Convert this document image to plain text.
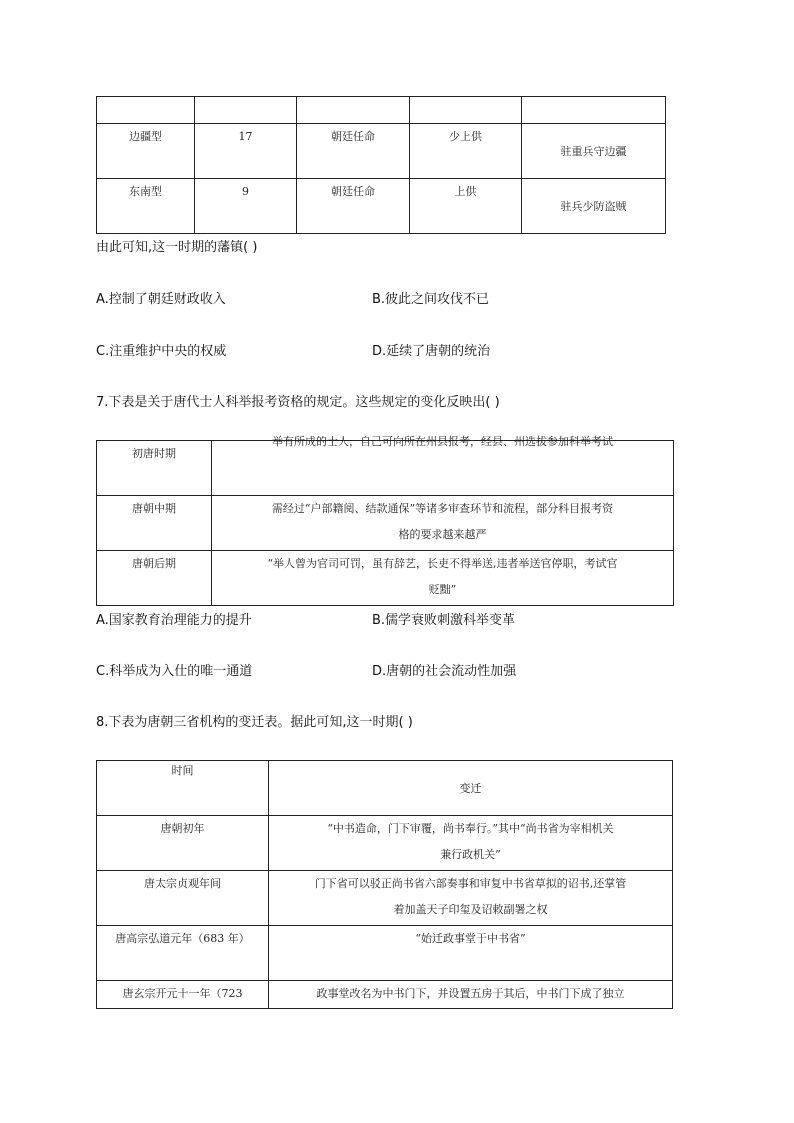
边疆型	17	朝廷任命	少上供	驻重兵守边疆

东南型	9	朝廷任命	上供	驻兵少防盗贼
由此可知,这一时期的藩镇( )
A.控制了朝廷财政收入	B.彼此之间攻伐不已
C.注重维护中央的权威	D.延续了唐朝的统治
7.下表是关于唐代士人科举报考资格的规定。这些规定的变化反映出( )
初唐时期	举有所成的士人，自己可向所在州县报考，经县、州选拔参加科举考试

唐朝中期	需经过“户部籍阅、结款通保”等诸多审查环节和流程，部分科目报考资
格的要求越来越严

唐朝后期	“举人曾为官司可罚，虽有辞艺，长吏不得举送,违者举送官停职，考试官
贬黜”
A.国家教育治理能力的提升	B.儒学衰败刺激科举变革
C.科举成为入仕的唯一通道	D.唐朝的社会流动性加强
8.下表为唐朝三省机构的变迁表。据此可知,这一时期( )
时间	变迁

唐朝初年	“中书造命，门下审覆，尚书奉行。”其中“尚书省为宰相机关
兼行政机关”

唐太宗贞观年间	门下省可以驳正尚书省六部奏事和审复中书省草拟的诏书,还掌管
着加盖天子印玺及诏敕副署之权

唐高宗弘道元年（683 年）	“始迁政事堂于中书省”

唐玄宗开元十一年（723	政事堂改名为中书门下，并设置五房于其后，中书门下成了独立
